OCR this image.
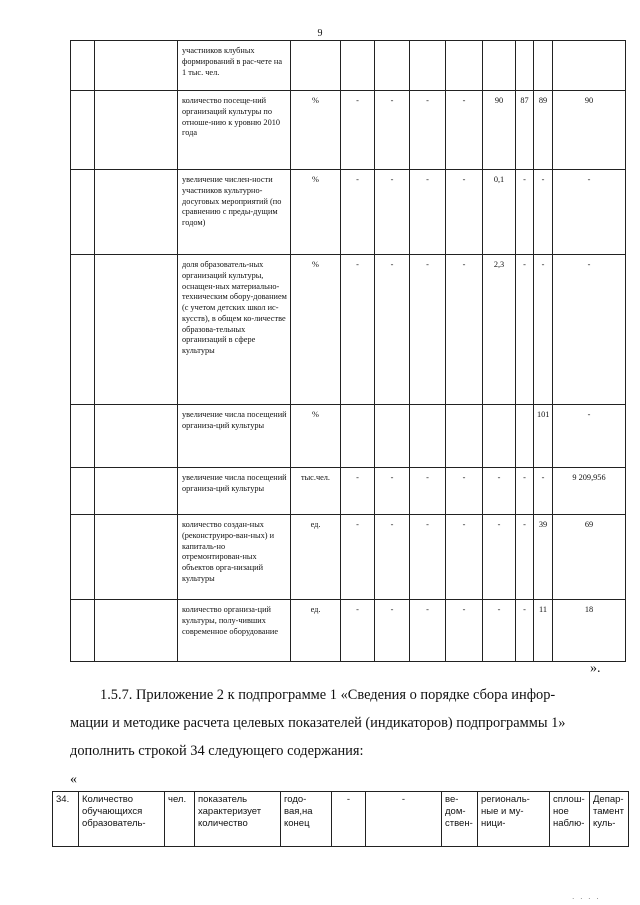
9
		участников клубных формирований в рас-чете на 1 тыс. чел.									
		количество посеще-ний организаций культуры по отноше-нию к уровню 2010 года	%	-	-	-	-	90	87	89	90
		увеличение числен-ности участников культурно-досуговых мероприятий (по сравнению с преды-дущим годом)	%	-	-	-	-	0,1	-	-	-
		доля образователь-ных организаций культуры, оснащен-ных материально-техническим обору-дованием (с учетом детских школ ис-кусств), в общем ко-личестве образова-тельных организаций в сфере культуры	%	-	-	-	-	2,3	-	-	-
		увеличение числа посещений организа-ций культуры	%							101	-
		увеличение числа посещений организа-ций культуры	тыс.чел.	-	-	-	-	-	-	-	9 209,956
		количество создан-ных (реконструиро-ван-ных) и капиталь-но отремонтирован-ных объектов орга-низаций культуры	ед.	-	-	-	-	-	-	39	69
		количество организа-ций культуры, полу-чивших современное оборудование	ед.	-	-	-	-	-	-	11	18
».
1.5.7. Приложение 2 к подпрограмме 1 «Сведения о порядке сбора инфор-
мации и методике расчета целевых показателей (индикаторов) подпрограммы 1»
дополнить строкой 34 следующего содержания:
«
34.	Количество обучающихся образователь-	чел.	показатель характеризует количество	годо-вая,на конец	-	-	ве-дом-ствен-	региональ-ные и му-ници-	сплош-ное наблю-	Депар-тамент куль-
· · · ·
